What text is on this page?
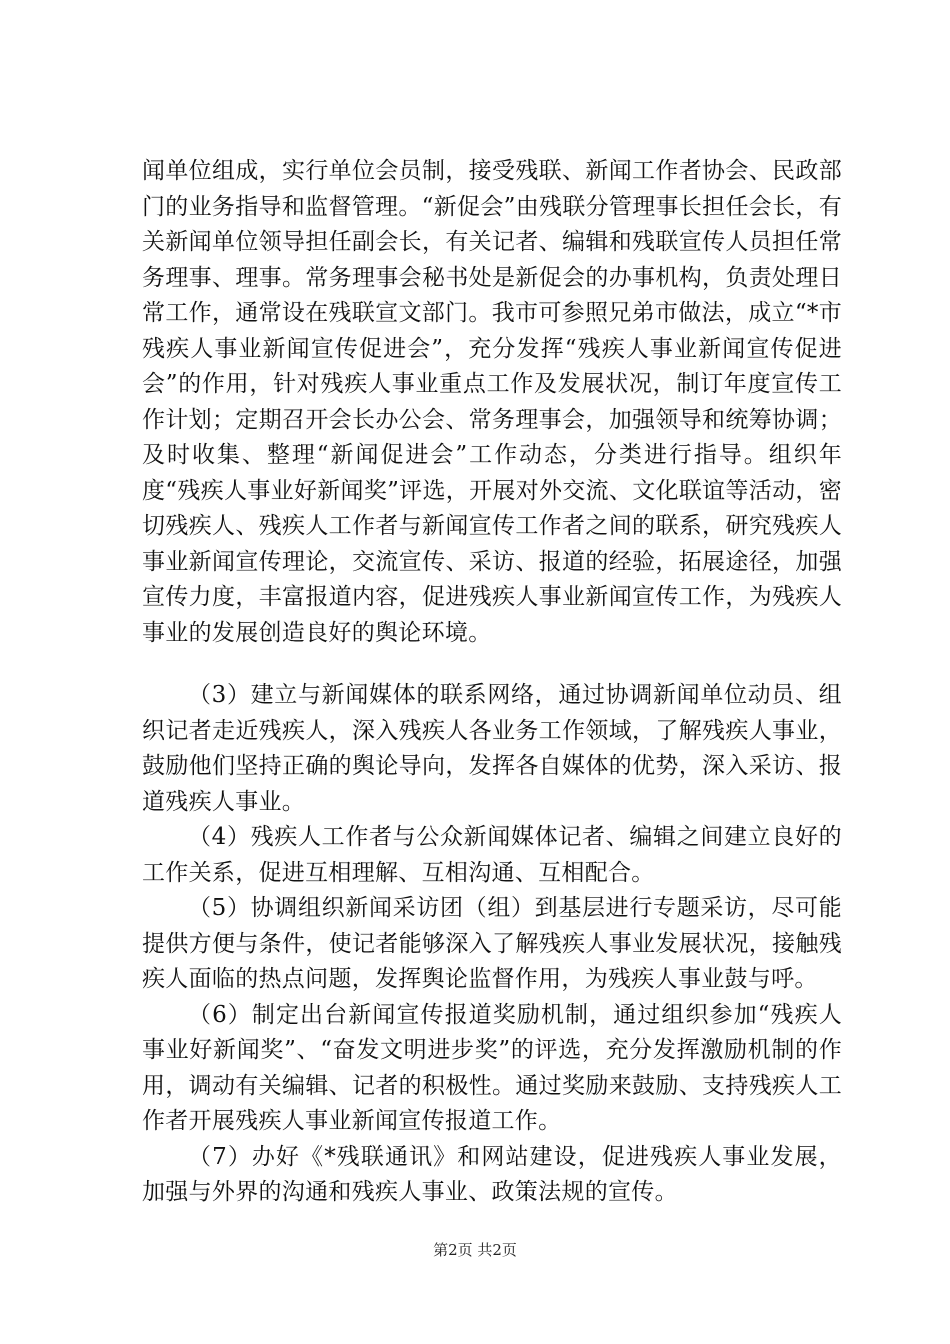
闻单位组成，实行单位会员制，接受残联、新闻工作者协会、民政部门的业务指导和监督管理。“新促会”由残联分管理事长担任会长，有关新闻单位领导担任副会长，有关记者、编辑和残联宣传人员担任常务理事、理事。常务理事会秘书处是新促会的办事机构，负责处理日常工作，通常设在残联宣文部门。我市可参照兄弟市做法，成立“*市残疾人事业新闻宣传促进会”，充分发挥“残疾人事业新闻宣传促进会”的作用，针对残疾人事业重点工作及发展状况，制订年度宣传工作计划；定期召开会长办公会、常务理事会，加强领导和统筹协调；及时收集、整理“新闻促进会”工作动态，分类进行指导。组织年度“残疾人事业好新闻奖”评选，开展对外交流、文化联谊等活动，密切残疾人、残疾人工作者与新闻宣传工作者之间的联系，研究残疾人事业新闻宣传理论，交流宣传、采访、报道的经验，拓展途径，加强宣传力度，丰富报道内容，促进残疾人事业新闻宣传工作，为残疾人事业的发展创造良好的舆论环境。

（3）建立与新闻媒体的联系网络，通过协调新闻单位动员、组织记者走近残疾人，深入残疾人各业务工作领域，了解残疾人事业，鼓励他们坚持正确的舆论导向，发挥各自媒体的优势，深入采访、报道残疾人事业。

（4）残疾人工作者与公众新闻媒体记者、编辑之间建立良好的工作关系，促进互相理解、互相沟通、互相配合。

（5）协调组织新闻采访团（组）到基层进行专题采访，尽可能提供方便与条件，使记者能够深入了解残疾人事业发展状况，接触残疾人面临的热点问题，发挥舆论监督作用，为残疾人事业鼓与呼。

（6）制定出台新闻宣传报道奖励机制，通过组织参加“残疾人事业好新闻奖”、“奋发文明进步奖”的评选，充分发挥激励机制的作用，调动有关编辑、记者的积极性。通过奖励来鼓励、支持残疾人工作者开展残疾人事业新闻宣传报道工作。

（7）办好《*残联通讯》和网站建设，促进残疾人事业发展，加强与外界的沟通和残疾人事业、政策法规的宣传。

第2页 共2页
